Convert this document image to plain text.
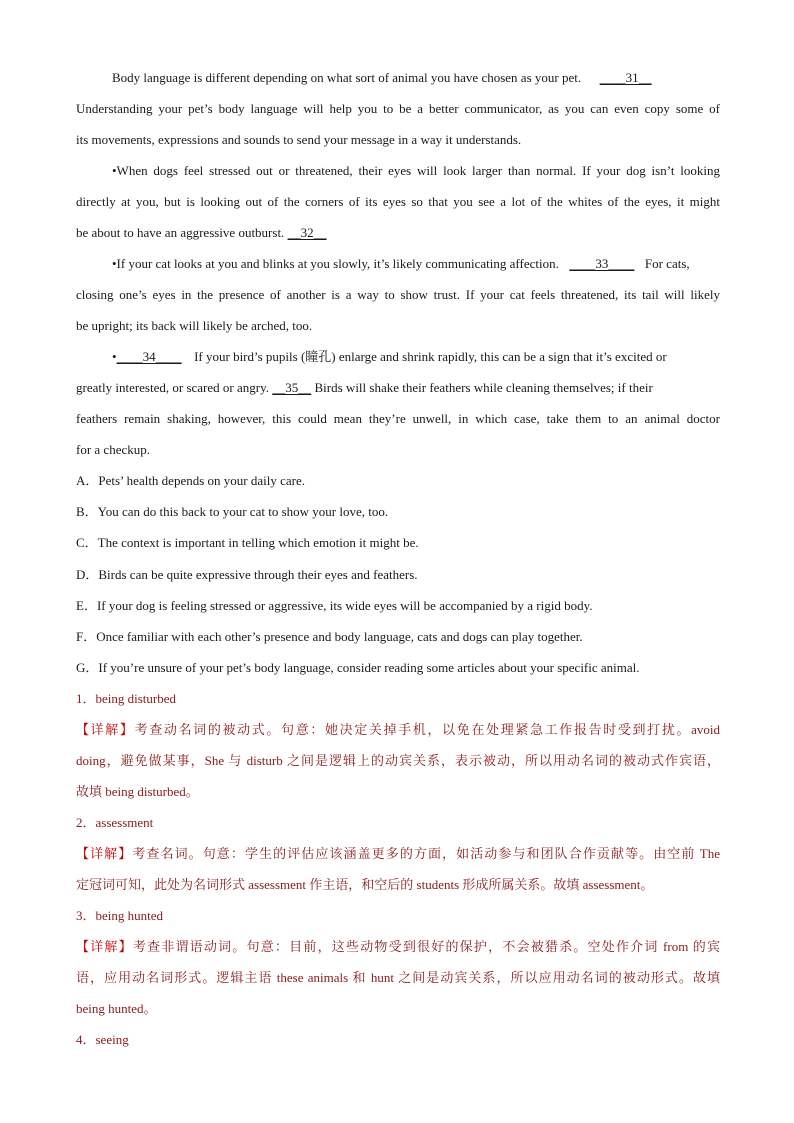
Body language is different depending on what sort of animal you have chosen as your pet. ＿＿31＿
Understanding your pet’s body language will help you to be a better communicator, as you can even copy some of
its movements, expressions and sounds to send your message in a way it understands.
•When dogs feel stressed out or threatened, their eyes will look larger than normal. If your dog isn’t looking
directly at you, but is looking out of the corners of its eyes so that you see a lot of the whites of the eyes, it might
be about to have an aggressive outburst. ＿32＿
•If your cat looks at you and blinks at you slowly, it’s likely communicating affection. ＿＿33＿＿ For cats,
closing one’s eyes in the presence of another is a way to show trust. If your cat feels threatened, its tail will likely
be upright; its back will likely be arched, too.
•＿＿34＿＿ If your bird’s pupils (瞳孔) enlarge and shrink rapidly, this can be a sign that it’s excited or
greatly interested, or scared or angry. ＿35＿ Birds will shake their feathers while cleaning themselves; if their
feathers remain shaking, however, this could mean they’re unwell, in which case, take them to an animal doctor
for a checkup.
A．Pets’ health depends on your daily care.
B．You can do this back to your cat to show your love, too.
C．The context is important in telling which emotion it might be.
D．Birds can be quite expressive through their eyes and feathers.
E．If your dog is feeling stressed or aggressive, its wide eyes will be accompanied by a rigid body.
F．Once familiar with each other’s presence and body language, cats and dogs can play together.
G．If you’re unsure of your pet’s body language, consider reading some articles about your specific animal.
1．being disturbed
【详解】考查动名词的被动式。句意：她决定关掉手机，以免在处理紧急工作报告时受到打扰。avoid
doing，避免做某事，She 与 disturb 之间是逻辑上的动宾关系，表示被动，所以用动名词的被动式作宾语，
故填 being disturbed。
2．assessment
【详解】考查名词。句意：学生的评估应该涵盖更多的方面，如活动参与和团队合作贡献等。由空前 The
定冠词可知，此处为名词形式 assessment 作主语，和空后的 students 形成所属关系。故填 assessment。
3．being hunted
【详解】考查非谓语动词。句意：目前，这些动物受到很好的保护，不会被猎杀。空处作介词 from 的宾
语，应用动名词形式。逻辑主语 these animals 和 hunt 之间是动宾关系，所以应用动名词的被动形式。故填
being hunted。
4．seeing
